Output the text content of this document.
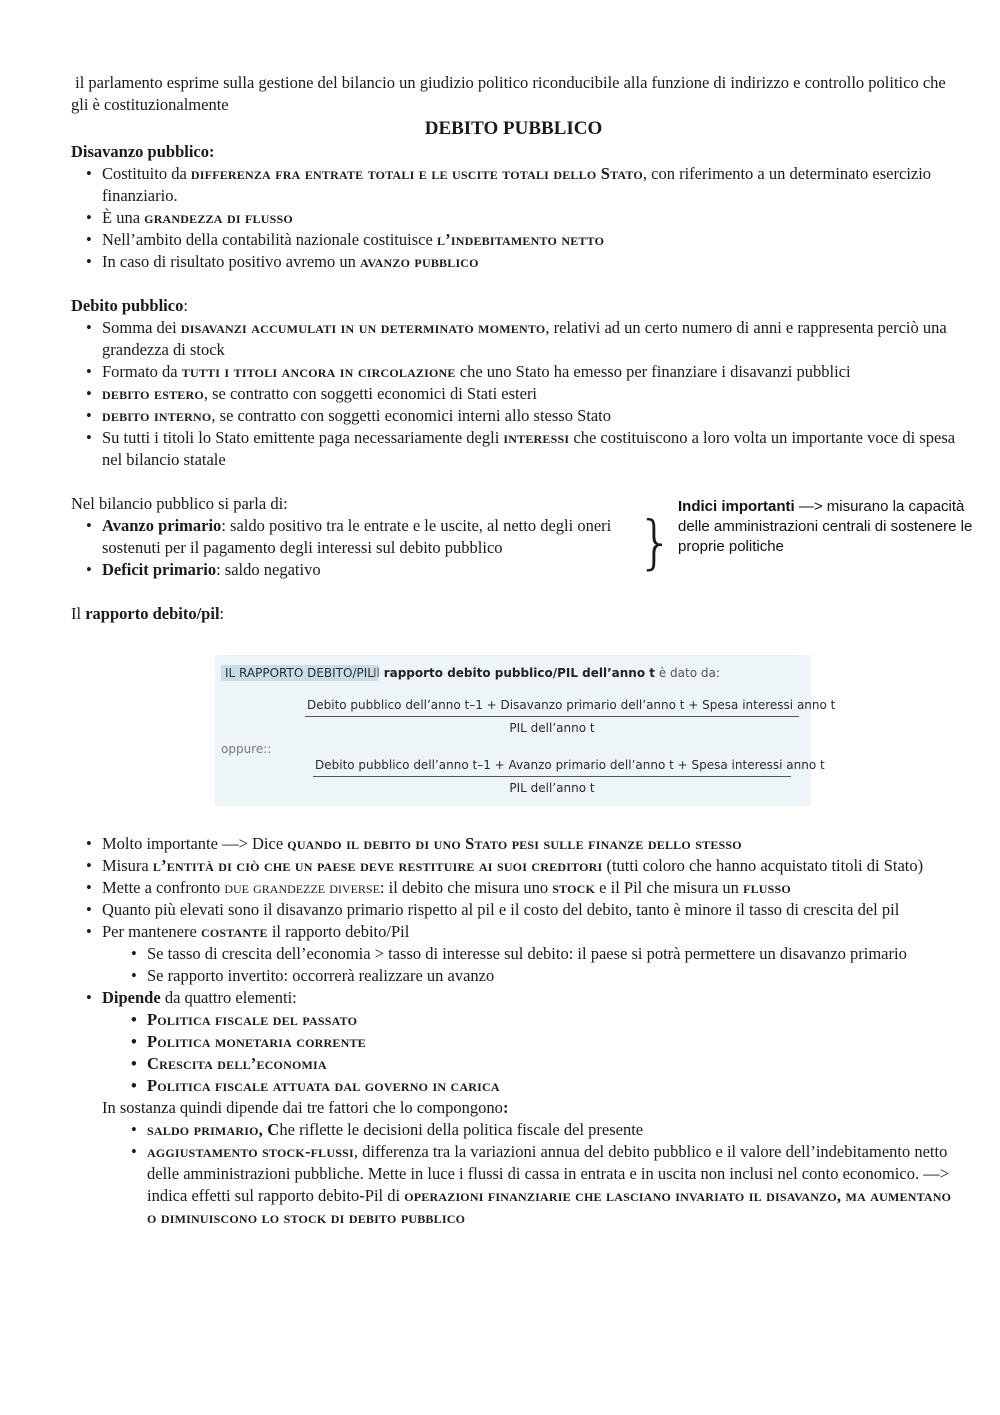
il parlamento esprime sulla gestione del bilancio un giudizio politico riconducibile alla funzione di indirizzo e controllo politico che gli è costituzionalmente

DEBITO PUBBLICO

Disavanzo pubblico:

• Costituito da differenza fra entrate totali e le uscite totali dello Stato, con riferimento a un determinato esercizio finanziario.
• È una grandezza di flusso
• Nell’ambito della contabilità nazionale costituisce l’indebitamento netto
• In caso di risultato positivo avremo un avanzo pubblico

Debito pubblico:

• Somma dei disavanzi accumulati in un determinato momento, relativi ad un certo numero di anni e rappresenta perciò una grandezza di stock
• Formato da tutti i titoli ancora in circolazione che uno Stato ha emesso per finanziare i disavanzi pubblici
• debito estero, se contratto con soggetti economici di Stati esteri
• debito interno, se contratto con soggetti economici interni allo stesso Stato
• Su tutti i titoli lo Stato emittente paga necessariamente degli interessi che costituiscono a loro volta un importante voce di spesa nel bilancio statale

Nel bilancio pubblico si parla di:

• Avanzo primario: saldo positivo tra le entrate e le uscite, al netto degli oneri sostenuti per il pagamento degli interessi sul debito pubblico
• Deficit primario: saldo negativo	}
Indici importanti —> misurano la capacità delle amministrazioni centrali di sostenere le proprie politiche

Il rapporto debito/pil:

IL RAPPORTO DEBITO/PIL Il rapporto debito pubblico/PIL dell’anno t è dato da:
Debito pubblico dell’anno t–1 + Disavanzo primario dell’anno t + Spesa interessi anno t
PIL dell’anno t
oppure::
Debito pubblico dell’anno t–1 + Avanzo primario dell’anno t + Spesa interessi anno t
PIL dell’anno t
• Molto importante —> Dice quando il debito di uno Stato pesi sulle finanze dello stesso
• Misura l’entità di ciò che un paese deve restituire ai suoi creditori (tutti coloro che hanno acquistato titoli di Stato)
• Mette a confronto due grandezze diverse: il debito che misura uno stock e il Pil che misura un flusso
• Quanto più elevati sono il disavanzo primario rispetto al pil e il costo del debito, tanto è minore il tasso di crescita del pil
• Per mantenere costante il rapporto debito/Pil
• Se tasso di crescita dell’economia > tasso di interesse sul debito: il paese si potrà permettere un disavanzo primario
• Se rapporto invertito: occorrerà realizzare un avanzo
• Dipende da quattro elementi:
• Politica fiscale del passato
• Politica monetaria corrente
• Crescita dell’economia
• Politica fiscale attuata dal governo in carica

In sostanza quindi dipende dai tre fattori che lo compongono:

• saldo primario, Che riflette le decisioni della politica fiscale del presente
• aggiustamento stock-flussi, differenza tra la variazioni annua del debito pubblico e il valore dell’indebitamento netto delle amministrazioni pubbliche. Mette in luce i flussi di cassa in entrata e in uscita non inclusi nel conto economico. —> indica effetti sul rapporto debito-Pil di operazioni finanziarie che lasciano invariato il disavanzo, ma aumentano o diminuiscono lo stock di debito pubblico
